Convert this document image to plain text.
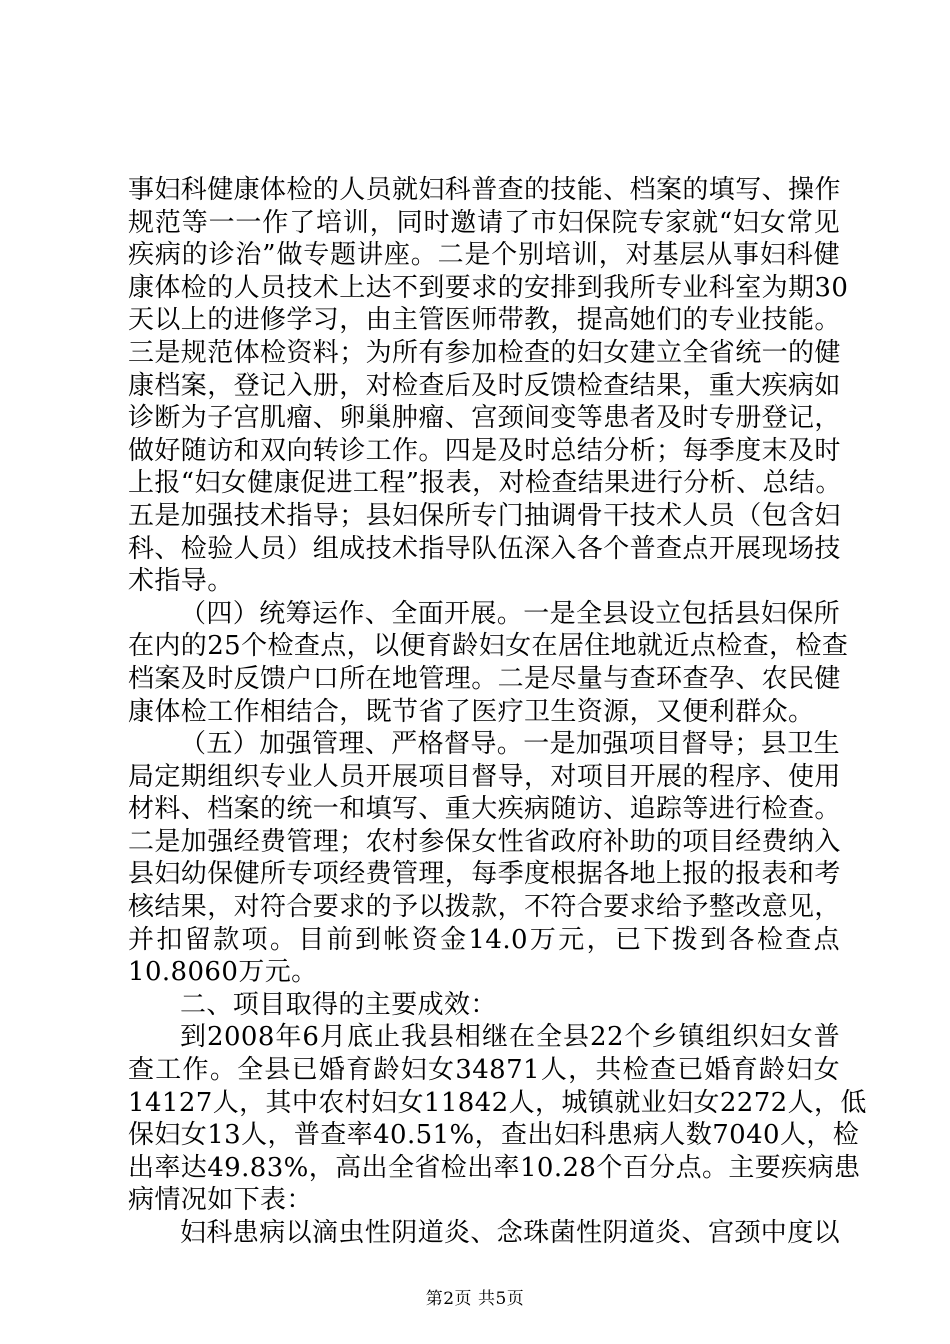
事妇科健康体检的人员就妇科普查的技能、档案的填写、操作
规范等一一作了培训，同时邀请了市妇保院专家就“妇女常见
疾病的诊治”做专题讲座。二是个别培训，对基层从事妇科健
康体检的人员技术上达不到要求的安排到我所专业科室为期30
天以上的进修学习，由主管医师带教，提高她们的专业技能。
三是规范体检资料；为所有参加检查的妇女建立全省统一的健
康档案，登记入册，对检查后及时反馈检查结果，重大疾病如
诊断为子宫肌瘤、卵巢肿瘤、宫颈间变等患者及时专册登记，
做好随访和双向转诊工作。四是及时总结分析；每季度末及时
上报“妇女健康促进工程”报表，对检查结果进行分析、总结。
五是加强技术指导；县妇保所专门抽调骨干技术人员（包含妇
科、检验人员）组成技术指导队伍深入各个普查点开展现场技
术指导。
（四）统筹运作、全面开展。一是全县设立包括县妇保所
在内的25个检查点，以便育龄妇女在居住地就近点检查，检查
档案及时反馈户口所在地管理。二是尽量与查环查孕、农民健
康体检工作相结合，既节省了医疗卫生资源，又便利群众。
（五）加强管理、严格督导。一是加强项目督导；县卫生
局定期组织专业人员开展项目督导，对项目开展的程序、使用
材料、档案的统一和填写、重大疾病随访、追踪等进行检查。
二是加强经费管理；农村参保女性省政府补助的项目经费纳入
县妇幼保健所专项经费管理，每季度根据各地上报的报表和考
核结果，对符合要求的予以拨款，不符合要求给予整改意见，
并扣留款项。目前到帐资金14.0万元，已下拨到各检查点
10.8060万元。
二、项目取得的主要成效：
到2008年6月底止我县相继在全县22个乡镇组织妇女普
查工作。全县已婚育龄妇女34871人，共检查已婚育龄妇女
14127人，其中农村妇女11842人，城镇就业妇女2272人，低
保妇女13人，普查率40.51%，查出妇科患病人数7040人，检
出率达49.83%，高出全省检出率10.28个百分点。主要疾病患
病情况如下表：
妇科患病以滴虫性阴道炎、念珠菌性阴道炎、宫颈中度以
第2页 共5页
